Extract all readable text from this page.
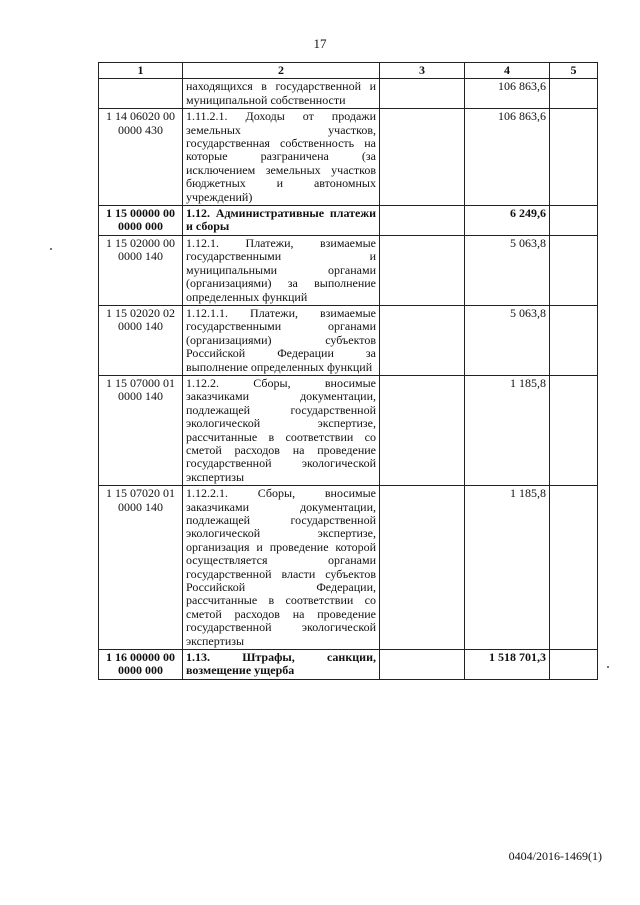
17
1	2	3	4	5
	находящихся в государственной и муниципальной собственности		106 863,6	
1 14 06020 00 0000 430	1.11.2.1. Доходы от продажи земельных участков, государственная собственность на которые разграничена (за исключением земельных участков бюджетных и автономных учреждений)		106 863,6	
1 15 00000 00 0000 000	1.12. Административные платежи и сборы		6 249,6	
1 15 02000 00 0000 140	1.12.1. Платежи, взимаемые государственными и муниципальными органами (организациями) за выполнение определенных функций		5 063,8	
1 15 02020 02 0000 140	1.12.1.1. Платежи, взимаемые государственными органами (организациями) субъектов Российской Федерации за выполнение определенных функций		5 063,8	
1 15 07000 01 0000 140	1.12.2. Сборы, вносимые заказчиками документации, подлежащей государственной экологической экспертизе, рассчитанные в соответствии со сметой расходов на проведение государственной экологической экспертизы		1 185,8	
1 15 07020 01 0000 140	1.12.2.1. Сборы, вносимые заказчиками документации, подлежащей государственной экологической экспертизе, организация и проведение которой осуществляется органами государственной власти субъектов Российской Федерации, рассчитанные в соответствии со сметой расходов на проведение государственной экологической экспертизы		1 185,8	
1 16 00000 00 0000 000	1.13. Штрафы, санкции, возмещение ущерба		1 518 701,3	
0404/2016-1469(1)
